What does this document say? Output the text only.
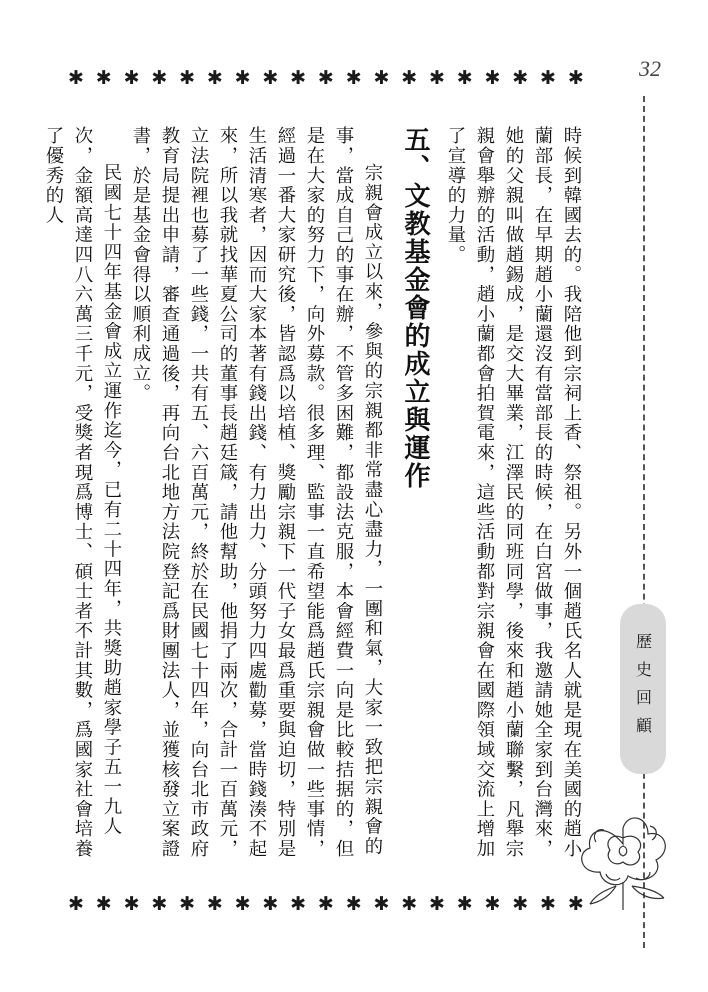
32
✱ ✱ ✱ ✱ ✱ ✱ ✱ ✱ ✱ ✱ ✱ ✱ ✱ ✱ ✱ ✱ ✱ ✱ ✱
✱ ✱ ✱ ✱ ✱ ✱ ✱ ✱ ✱ ✱ ✱ ✱ ✱ ✱ ✱ ✱ ✱ ✱ ✱
歷史回顧

時候到韓國去的。我陪他到宗祠上香、祭祖。另外一個趙氏名人就是現在美國的趙小蘭部長，在早期趙小蘭還沒有當部長的時候，在白宮做事，我邀請她全家到台灣來，她的父親叫做趙錫成，是交大畢業，江澤民的同班同學，後來和趙小蘭聯繫，凡舉宗親會舉辦的活動，趙小蘭都會拍賀電來，這些活動都對宗親會在國際領域交流上增加了宣導的力量。

五、文教基金會的成立與運作

宗親會成立以來，參與的宗親都非常盡心盡力，一團和氣，大家一致把宗親會的事，當成自己的事在辦，不管多困難，都設法克服，本會經費一向是比較拮据的，但是在大家的努力下，向外募款。很多理、監事一直希望能爲趙氏宗親會做一些事情，經過一番大家研究後，皆認爲以培植、獎勵宗親下一代子女最爲重要與迫切，特別是生活清寒者，因而大家本著有錢出錢、有力出力、分頭努力四處勸募，當時錢湊不起來，所以我就找華夏公司的董事長趙廷箴，請他幫助，他捐了兩次，合計一百萬元，立法院裡也募了一些錢，一共有五、六百萬元，終於在民國七十四年，向台北市政府教育局提出申請，審查通過後，再向台北地方法院登記爲財團法人，並獲核發立案證書，於是基金會得以順利成立。

民國七十四年基金會成立運作迄今，已有二十四年，共獎助趙家學子五一九人次，金額高達四八六萬三千元，受獎者現爲博士、碩士者不計其數，爲國家社會培養了優秀的人
